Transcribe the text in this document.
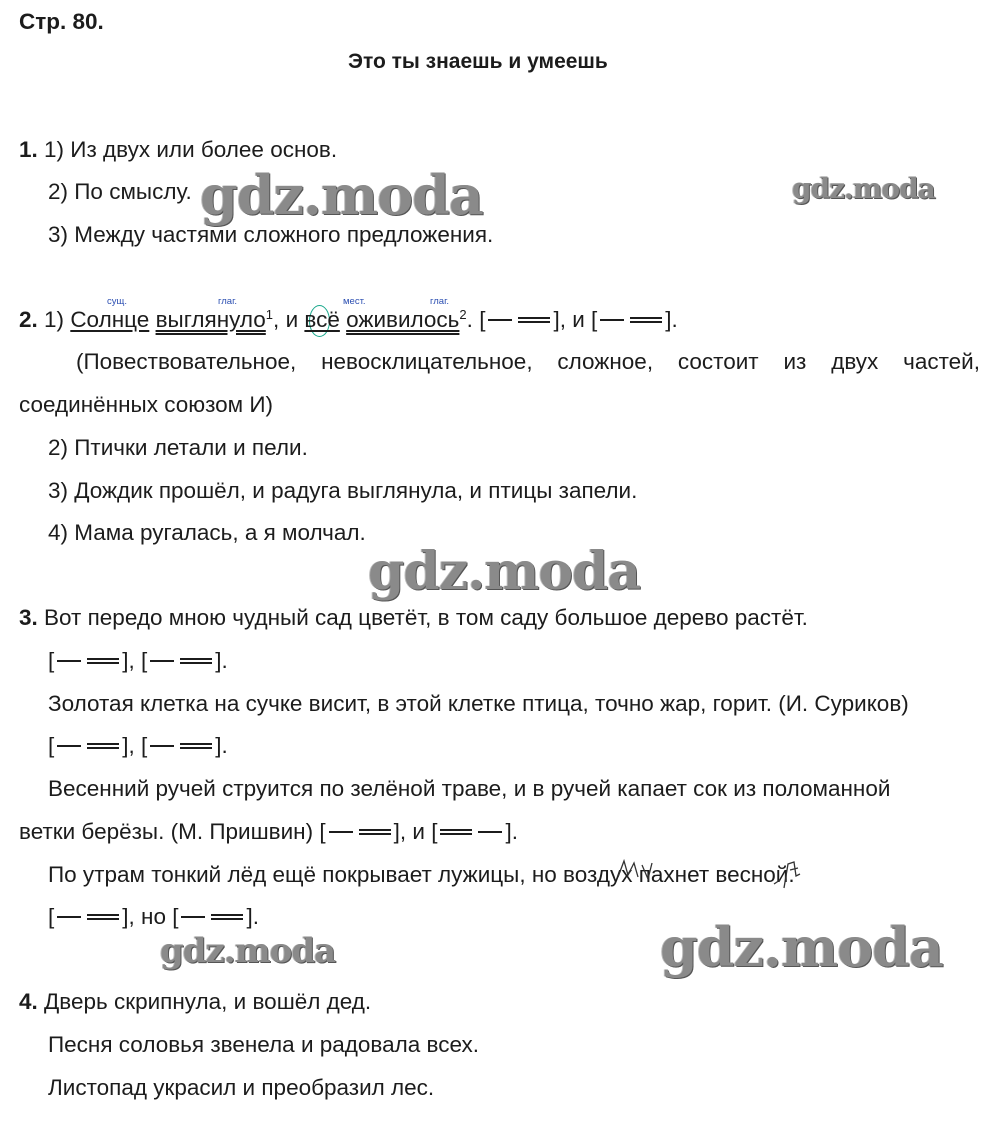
Стр. 80.
Это ты знаешь и умеешь
1. 1) Из двух или более основ.
2) По смыслу.
3) Между частями сложного предложения.
сущ.	глаг.	мест.	глаг.
2. 1) Солнце выглянуло$^1$, и всё оживилось$^2$. [	], и [	].
(Повествовательное, невосклицательное, сложное, состоит из двух частей,
соединённых союзом И)
2) Птички летали и пели.
3) Дождик прошёл, и радуга выглянула, и птицы запели.
4) Мама ругалась, а я молчал.
3. Вот передо мною чудный сад цветёт, в том саду большое дерево растёт.
[	], [	].
Золотая клетка на сучке висит, в этой клетке птица, точно жар, горит. (И. Суриков)
[	], [	].
Весенний ручей струится по зелёной траве, и в ручей капает сок из поломанной
ветки берёзы. (М. Пришвин) [	], и [	].
По утрам тонкий лёд ещё покрывает лужицы, но воздух пахнет весной.
[	], но [	].
4. Дверь скрипнула, и вошёл дед.
Песня соловья звенела и радовала всех.
Листопад украсил и преобразил лес.
gdz.moda	gdz.moda
gdz.moda
gdz.moda	gdz.moda
